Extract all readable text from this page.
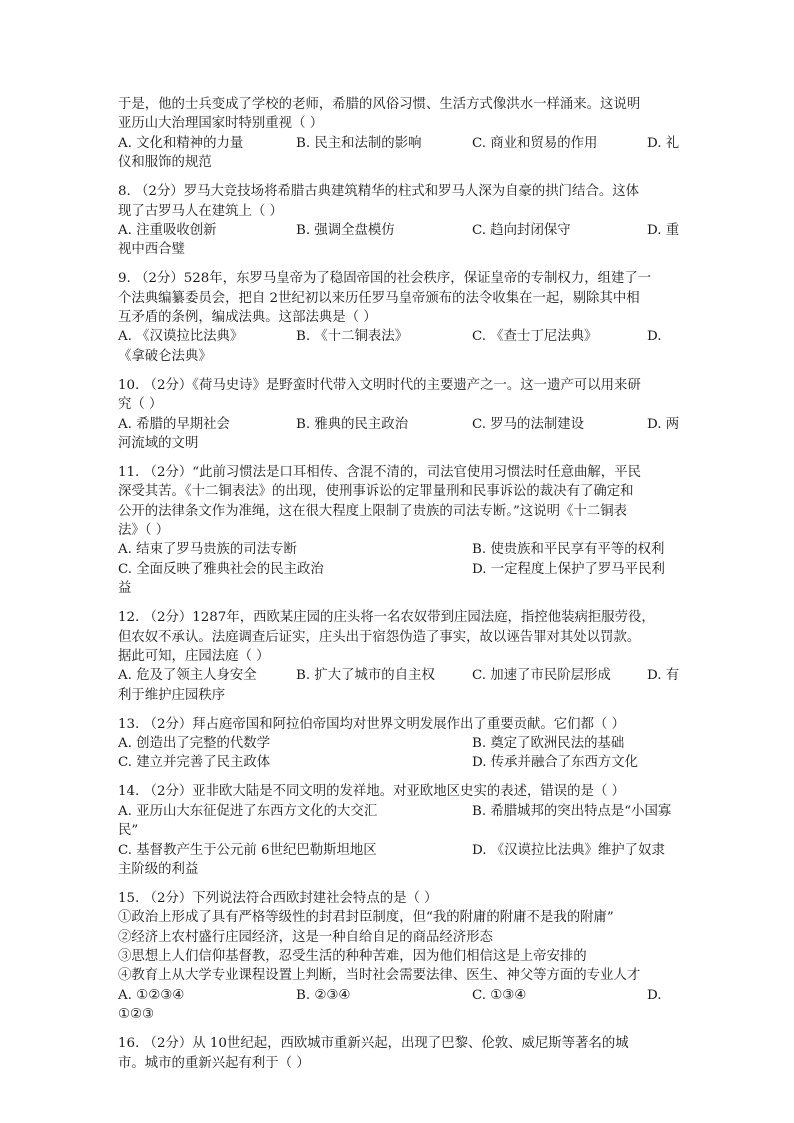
于是，他的士兵变成了学校的老师，希腊的风俗习惯、生活方式像洪水一样涌来。这说明
亚历山大治理国家时特别重视（ ）
A. 文化和精神的力量	B. 民主和法制的影响	C. 商业和贸易的作用	D. 礼
仪和服饰的规范
8. （2分）罗马大竞技场将希腊古典建筑精华的柱式和罗马人深为自豪的拱门结合。这体
现了古罗马人在建筑上（ ）
A. 注重吸收创新	B. 强调全盘模仿	C. 趋向封闭保守	D. 重
视中西合璧
9. （2分）528年，东罗马皇帝为了稳固帝国的社会秩序，保证皇帝的专制权力，组建了一
个法典编纂委员会，把自 2世纪初以来历任罗马皇帝颁布的法令收集在一起，剔除其中相
互矛盾的条例，编成法典。这部法典是（ ）
A. 《汉谟拉比法典》	B. 《十二铜表法》	C. 《查士丁尼法典》	D.
《拿破仑法典》
10. （2分）《荷马史诗》是野蛮时代带入文明时代的主要遗产之一。这一遗产可以用来研
究（ ）
A. 希腊的早期社会	B. 雅典的民主政治	C. 罗马的法制建设	D. 两
河流域的文明
11. （2分）“此前习惯法是口耳相传、含混不清的，司法官使用习惯法时任意曲解，平民
深受其苦。《十二铜表法》的出现，使刑事诉讼的定罪量刑和民事诉讼的裁决有了确定和
公开的法律条文作为准绳，这在很大程度上限制了贵族的司法专断。”这说明《十二铜表
法》（ ）
A. 结束了罗马贵族的司法专断	B. 使贵族和平民享有平等的权利
C. 全面反映了雅典社会的民主政治	D. 一定程度上保护了罗马平民利
益
12. （2分）1287年，西欧某庄园的庄头将一名农奴带到庄园法庭，指控他装病拒服劳役，
但农奴不承认。法庭调查后证实，庄头出于宿怨伪造了事实，故以诬告罪对其处以罚款。
据此可知，庄园法庭（ ）
A. 危及了领主人身安全	B. 扩大了城市的自主权	C. 加速了市民阶层形成	D. 有
利于维护庄园秩序
13. （2分）拜占庭帝国和阿拉伯帝国均对世界文明发展作出了重要贡献。它们都（ ）
A. 创造出了完整的代数学	B. 奠定了欧洲民法的基础
C. 建立并完善了民主政体	D. 传承并融合了东西方文化
14. （2分）亚非欧大陆是不同文明的发祥地。对亚欧地区史实的表述，错误的是（ ）
A. 亚历山大东征促进了东西方文化的大交汇	B. 希腊城邦的突出特点是“小国寡
民”
C. 基督教产生于公元前 6世纪巴勒斯坦地区	D. 《汉谟拉比法典》维护了奴隶
主阶级的利益
15. （2分）下列说法符合西欧封建社会特点的是（ ）
①政治上形成了具有严格等级性的封君封臣制度，但“我的附庸的附庸不是我的附庸”
②经济上农村盛行庄园经济，这是一种自给自足的商品经济形态
③思想上人们信仰基督教，忍受生活的种种苦难，因为他们相信这是上帝安排的
④教育上从大学专业课程设置上判断，当时社会需要法律、医生、神父等方面的专业人才
A. ①②③④	B. ②③④	C. ①③④	D.
①②③
16. （2分）从 10世纪起，西欧城市重新兴起，出现了巴黎、伦敦、威尼斯等著名的城
市。城市的重新兴起有利于（ ）
